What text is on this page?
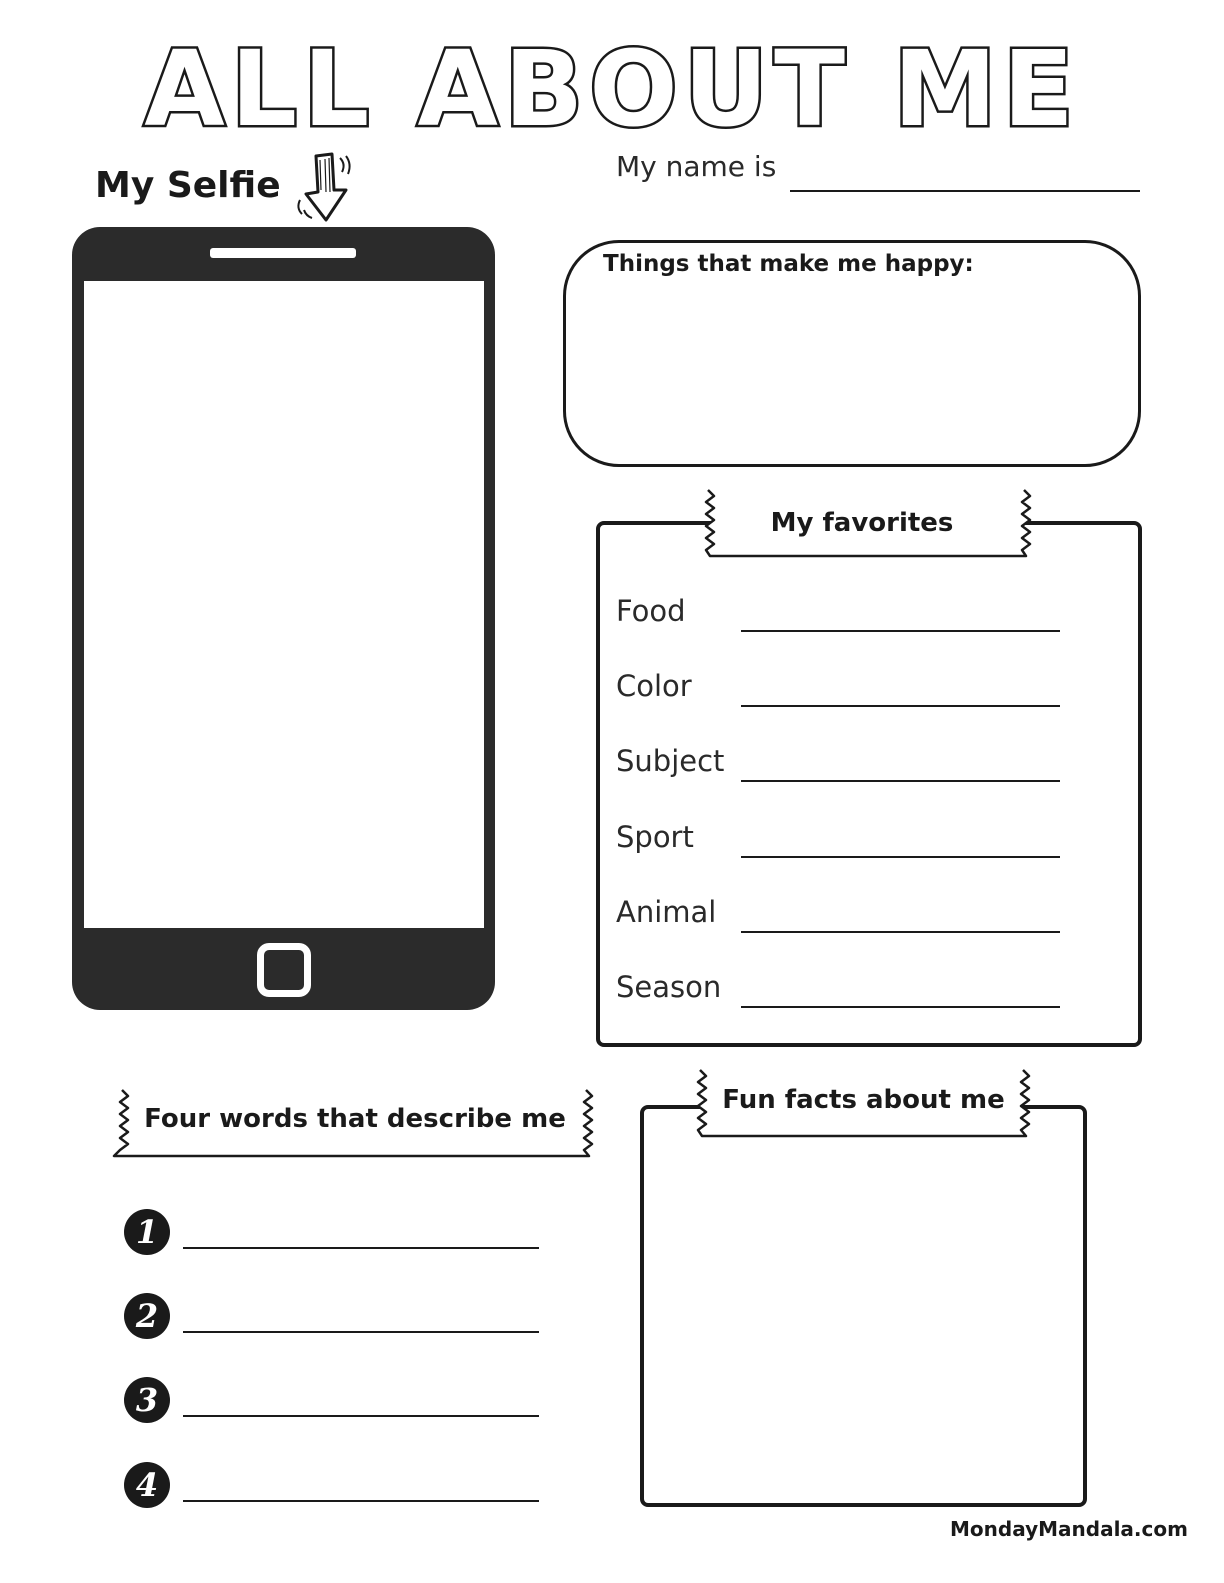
ALL ABOUT ME
My Selfie	My name is
Things that make me happy:
My favorites
Food
Color
Subject
Sport
Animal
Season
Four words that describe me
1
2
3
4
Fun facts about me
MondayMandala.com
